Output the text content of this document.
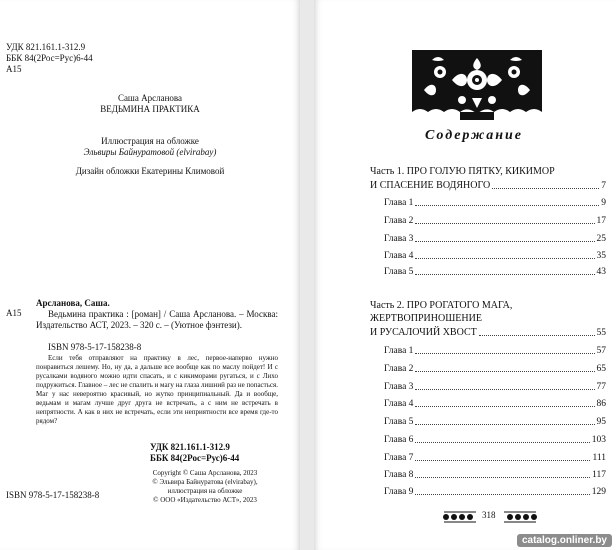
УДК 821.161.1-312.9
ББК 84(2Рос=Рус)6-44
А15
Саша Арсланова
ВЕДЬМИНА ПРАКТИКА
Иллюстрация на обложке
Эльвиры Байнуратовой (elvirabay)
Дизайн обложки Екатерины Климовой
А15
Арсланова, Саша.
Ведьмина практика : [роман] / Саша Арсланова. – Москва: Издательство АСТ, 2023. – 320 с. – (Уютное фэнтези).
ISBN 978-5-17-158238-8
Если тебя отправляют на практику в лес, первое-наперво нужно понравиться лешему. Но, ну да, а дальше все вообще как по маслу пойдет! И с русалками водяного можно идти спасать, и с кикиморами ругаться, и с Лихо подружиться. Главное – лес не спалить и магу на глаза лишний раз не попасться. Маг у нас невероятно красивый, но жутко принципиальный. Да и вообще, ведьмам и магам лучше друг друга не встречать, а с ним не встречать в непрятности. А как в них не встречать, если эти неприятности все время где-то рядом?
УДК 821.161.1-312.9
ББК 84(2Рос=Рус)6-44
ISBN 978-5-17-158238-8
Copyright © Саша Арсланова, 2023
© Эльвира Байнуратова (elvirabay),
иллюстрация на обложке
© ООО «Издательство АСТ», 2023
Содержание
Часть 1. ПРО ГОЛУЮ ПЯТКУ, КИКИМОР
И СПАСЕНИЕ ВОДЯНОГО	7
Глава 1	9
Глава 2	17
Глава 3	25
Глава 4	35
Глава 5	43
Часть 2. ПРО РОГАТОГО МАГА,
ЖЕРТВОПРИНОШЕНИЕ
И РУСАЛОЧИЙ ХВОСТ	55
Глава 1	57
Глава 2	65
Глава 3	77
Глава 4	86
Глава 5	95
Глава 6	103
Глава 7	111
Глава 8	117
Глава 9	129
318
catalog.onliner.by
